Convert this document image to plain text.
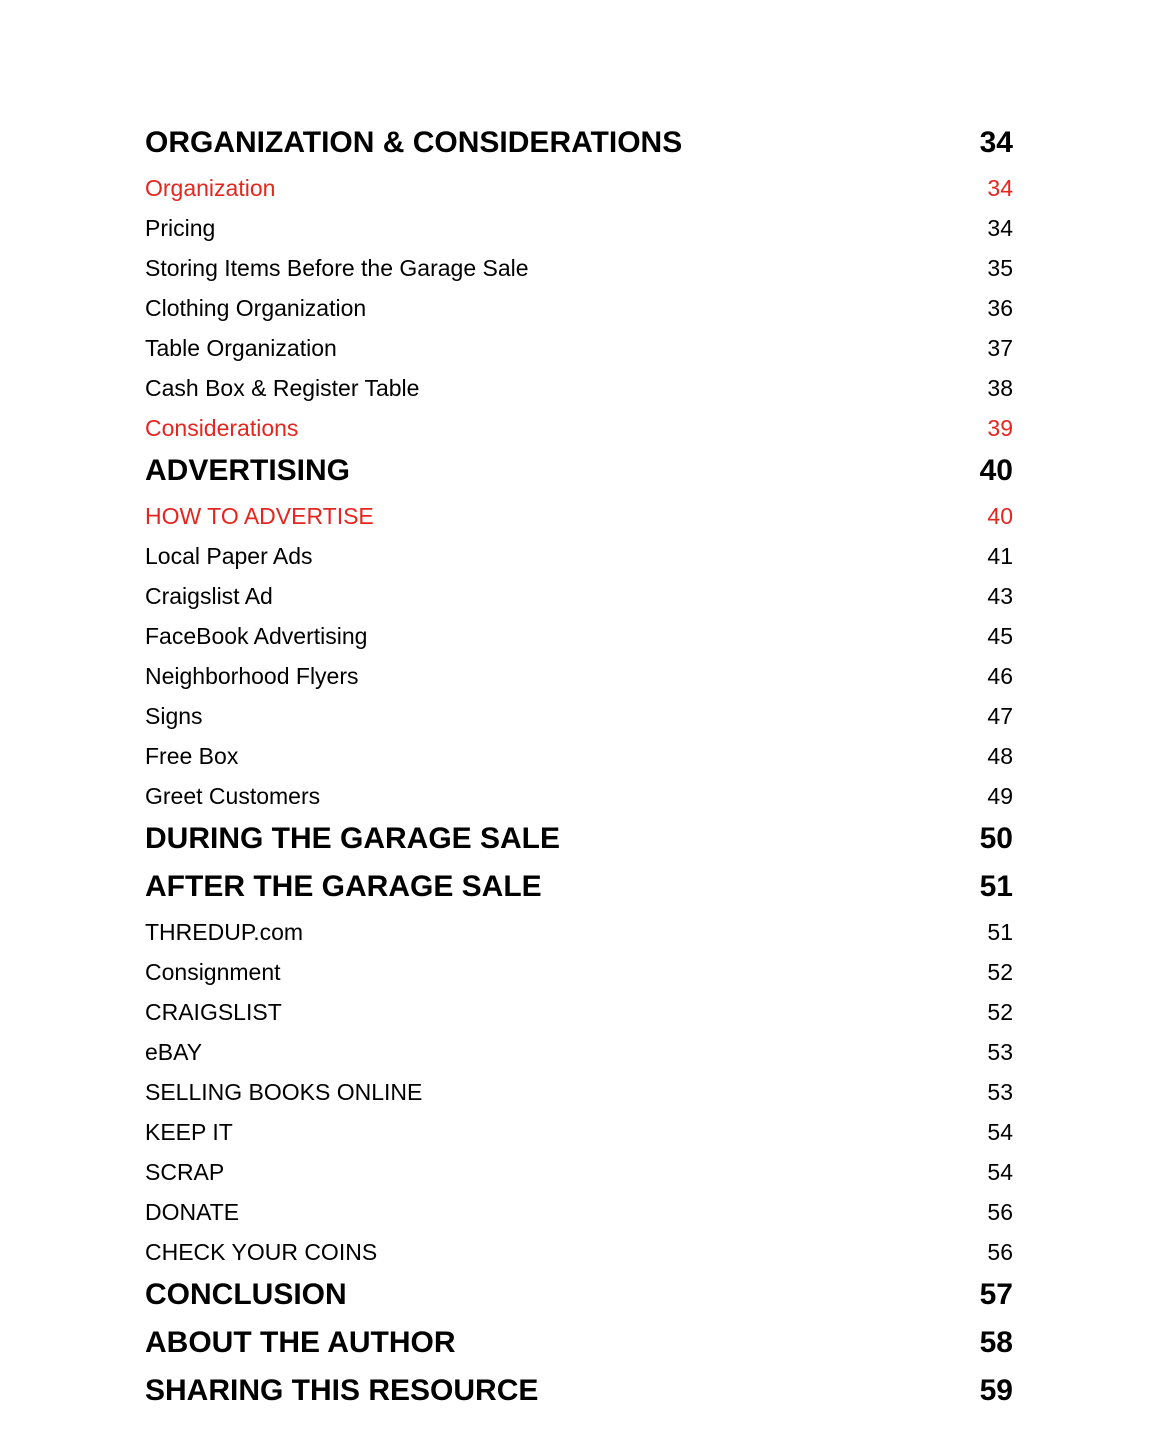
ORGANIZATION & CONSIDERATIONS	34
Organization	34
Pricing	34
Storing Items Before the Garage Sale	35
Clothing Organization	36
Table Organization	37
Cash Box & Register Table	38
Considerations	39
ADVERTISING	40
HOW TO ADVERTISE	40
Local Paper Ads	41
Craigslist Ad	43
FaceBook Advertising	45
Neighborhood Flyers	46
Signs	47
Free Box	48
Greet Customers	49
DURING THE GARAGE SALE	50
AFTER THE GARAGE SALE	51
THREDUP.com	51
Consignment	52
CRAIGSLIST	52
eBAY	53
SELLING BOOKS ONLINE	53
KEEP IT	54
SCRAP	54
DONATE	56
CHECK YOUR COINS	56
CONCLUSION	57
ABOUT THE AUTHOR	58
SHARING THIS RESOURCE	59
